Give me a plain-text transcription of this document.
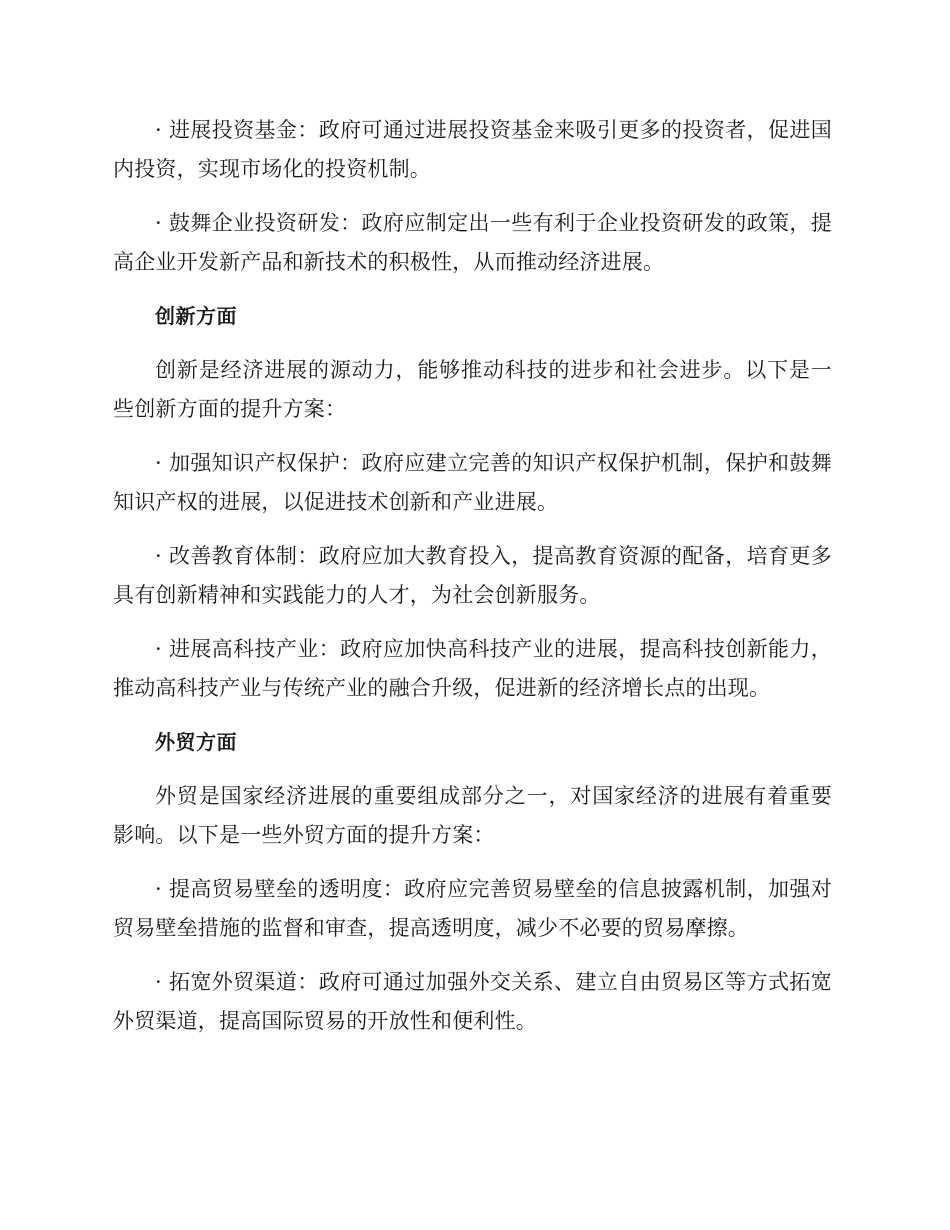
· 进展投资基金：政府可通过进展投资基金来吸引更多的投资者，促进国内投资，实现市场化的投资机制。

· 鼓舞企业投资研发：政府应制定出一些有利于企业投资研发的政策，提高企业开发新产品和新技术的积极性，从而推动经济进展。

创新方面

创新是经济进展的源动力，能够推动科技的进步和社会进步。以下是一些创新方面的提升方案：

· 加强知识产权保护：政府应建立完善的知识产权保护机制，保护和鼓舞知识产权的进展，以促进技术创新和产业进展。

· 改善教育体制：政府应加大教育投入，提高教育资源的配备，培育更多具有创新精神和实践能力的人才，为社会创新服务。

· 进展高科技产业：政府应加快高科技产业的进展，提高科技创新能力，推动高科技产业与传统产业的融合升级，促进新的经济增长点的出现。

外贸方面

外贸是国家经济进展的重要组成部分之一，对国家经济的进展有着重要影响。以下是一些外贸方面的提升方案：

· 提高贸易壁垒的透明度：政府应完善贸易壁垒的信息披露机制，加强对贸易壁垒措施的监督和审查，提高透明度，减少不必要的贸易摩擦。

· 拓宽外贸渠道：政府可通过加强外交关系、建立自由贸易区等方式拓宽外贸渠道，提高国际贸易的开放性和便利性。
